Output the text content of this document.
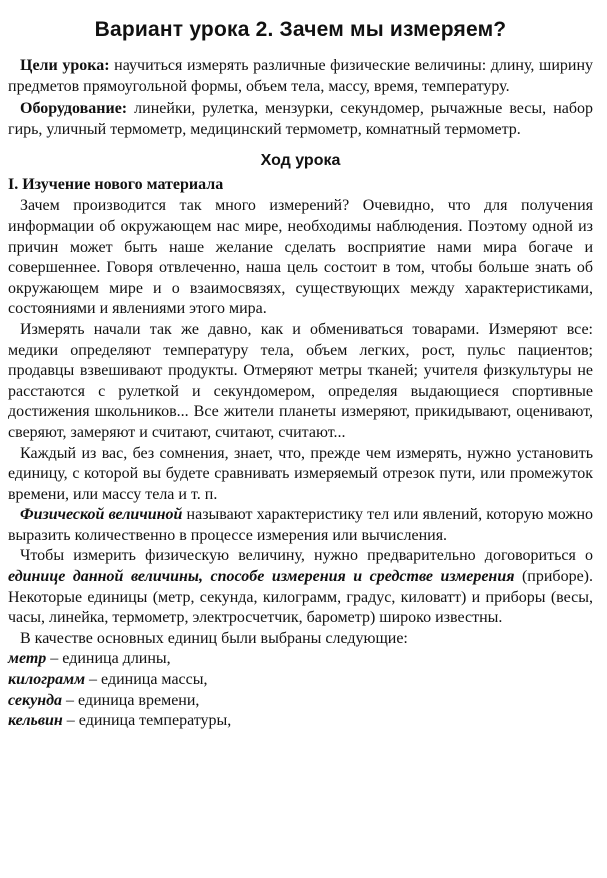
Вариант урока 2. Зачем мы измеряем?

Цели урока: научиться измерять различные физические величины: длину, ширину предметов прямоугольной формы, объем тела, массу, время, температуру.

Оборудование: линейки, рулетка, мензурки, секундомер, рычажные весы, набор гирь, уличный термометр, медицинский термометр, комнатный термометр.

Ход урока
I. Изучение нового материала

Зачем производится так много измерений? Очевидно, что для получения информации об окружающем нас мире, необходимы наблюдения. Поэтому одной из причин может быть наше желание сделать восприятие нами мира богаче и совершеннее. Говоря отвлеченно, наша цель состоит в том, чтобы больше знать об окружающем мире и о взаимосвязях, существующих между характеристиками, состояниями и явлениями этого мира.

Измерять начали так же давно, как и обмениваться товарами. Измеряют все: медики определяют температуру тела, объем легких, рост, пульс пациентов; продавцы взвешивают продукты. Отмеряют метры тканей; учителя физкультуры не расстаются с рулеткой и секундомером, определяя выдающиеся спортивные достижения школьников... Все жители планеты измеряют, прикидывают, оценивают, сверяют, замеряют и считают, считают, считают...

Каждый из вас, без сомнения, знает, что, прежде чем измерять, нужно установить единицу, с которой вы будете сравнивать измеряемый отрезок пути, или промежуток времени, или массу тела и т. п.

Физической величиной называют характеристику тел или явлений, которую можно выразить количественно в процессе измерения или вычисления.

Чтобы измерить физическую величину, нужно предварительно договориться о единице данной величины, способе измерения и средстве измерения (приборе). Некоторые единицы (метр, секунда, килограмм, градус, киловатт) и приборы (весы, часы, линейка, термометр, электросчетчик, барометр) широко известны.

В качестве основных единиц были выбраны следующие:

метр – единица длины,

килограмм – единица массы,

секунда – единица времени,

кельвин – единица температуры,
